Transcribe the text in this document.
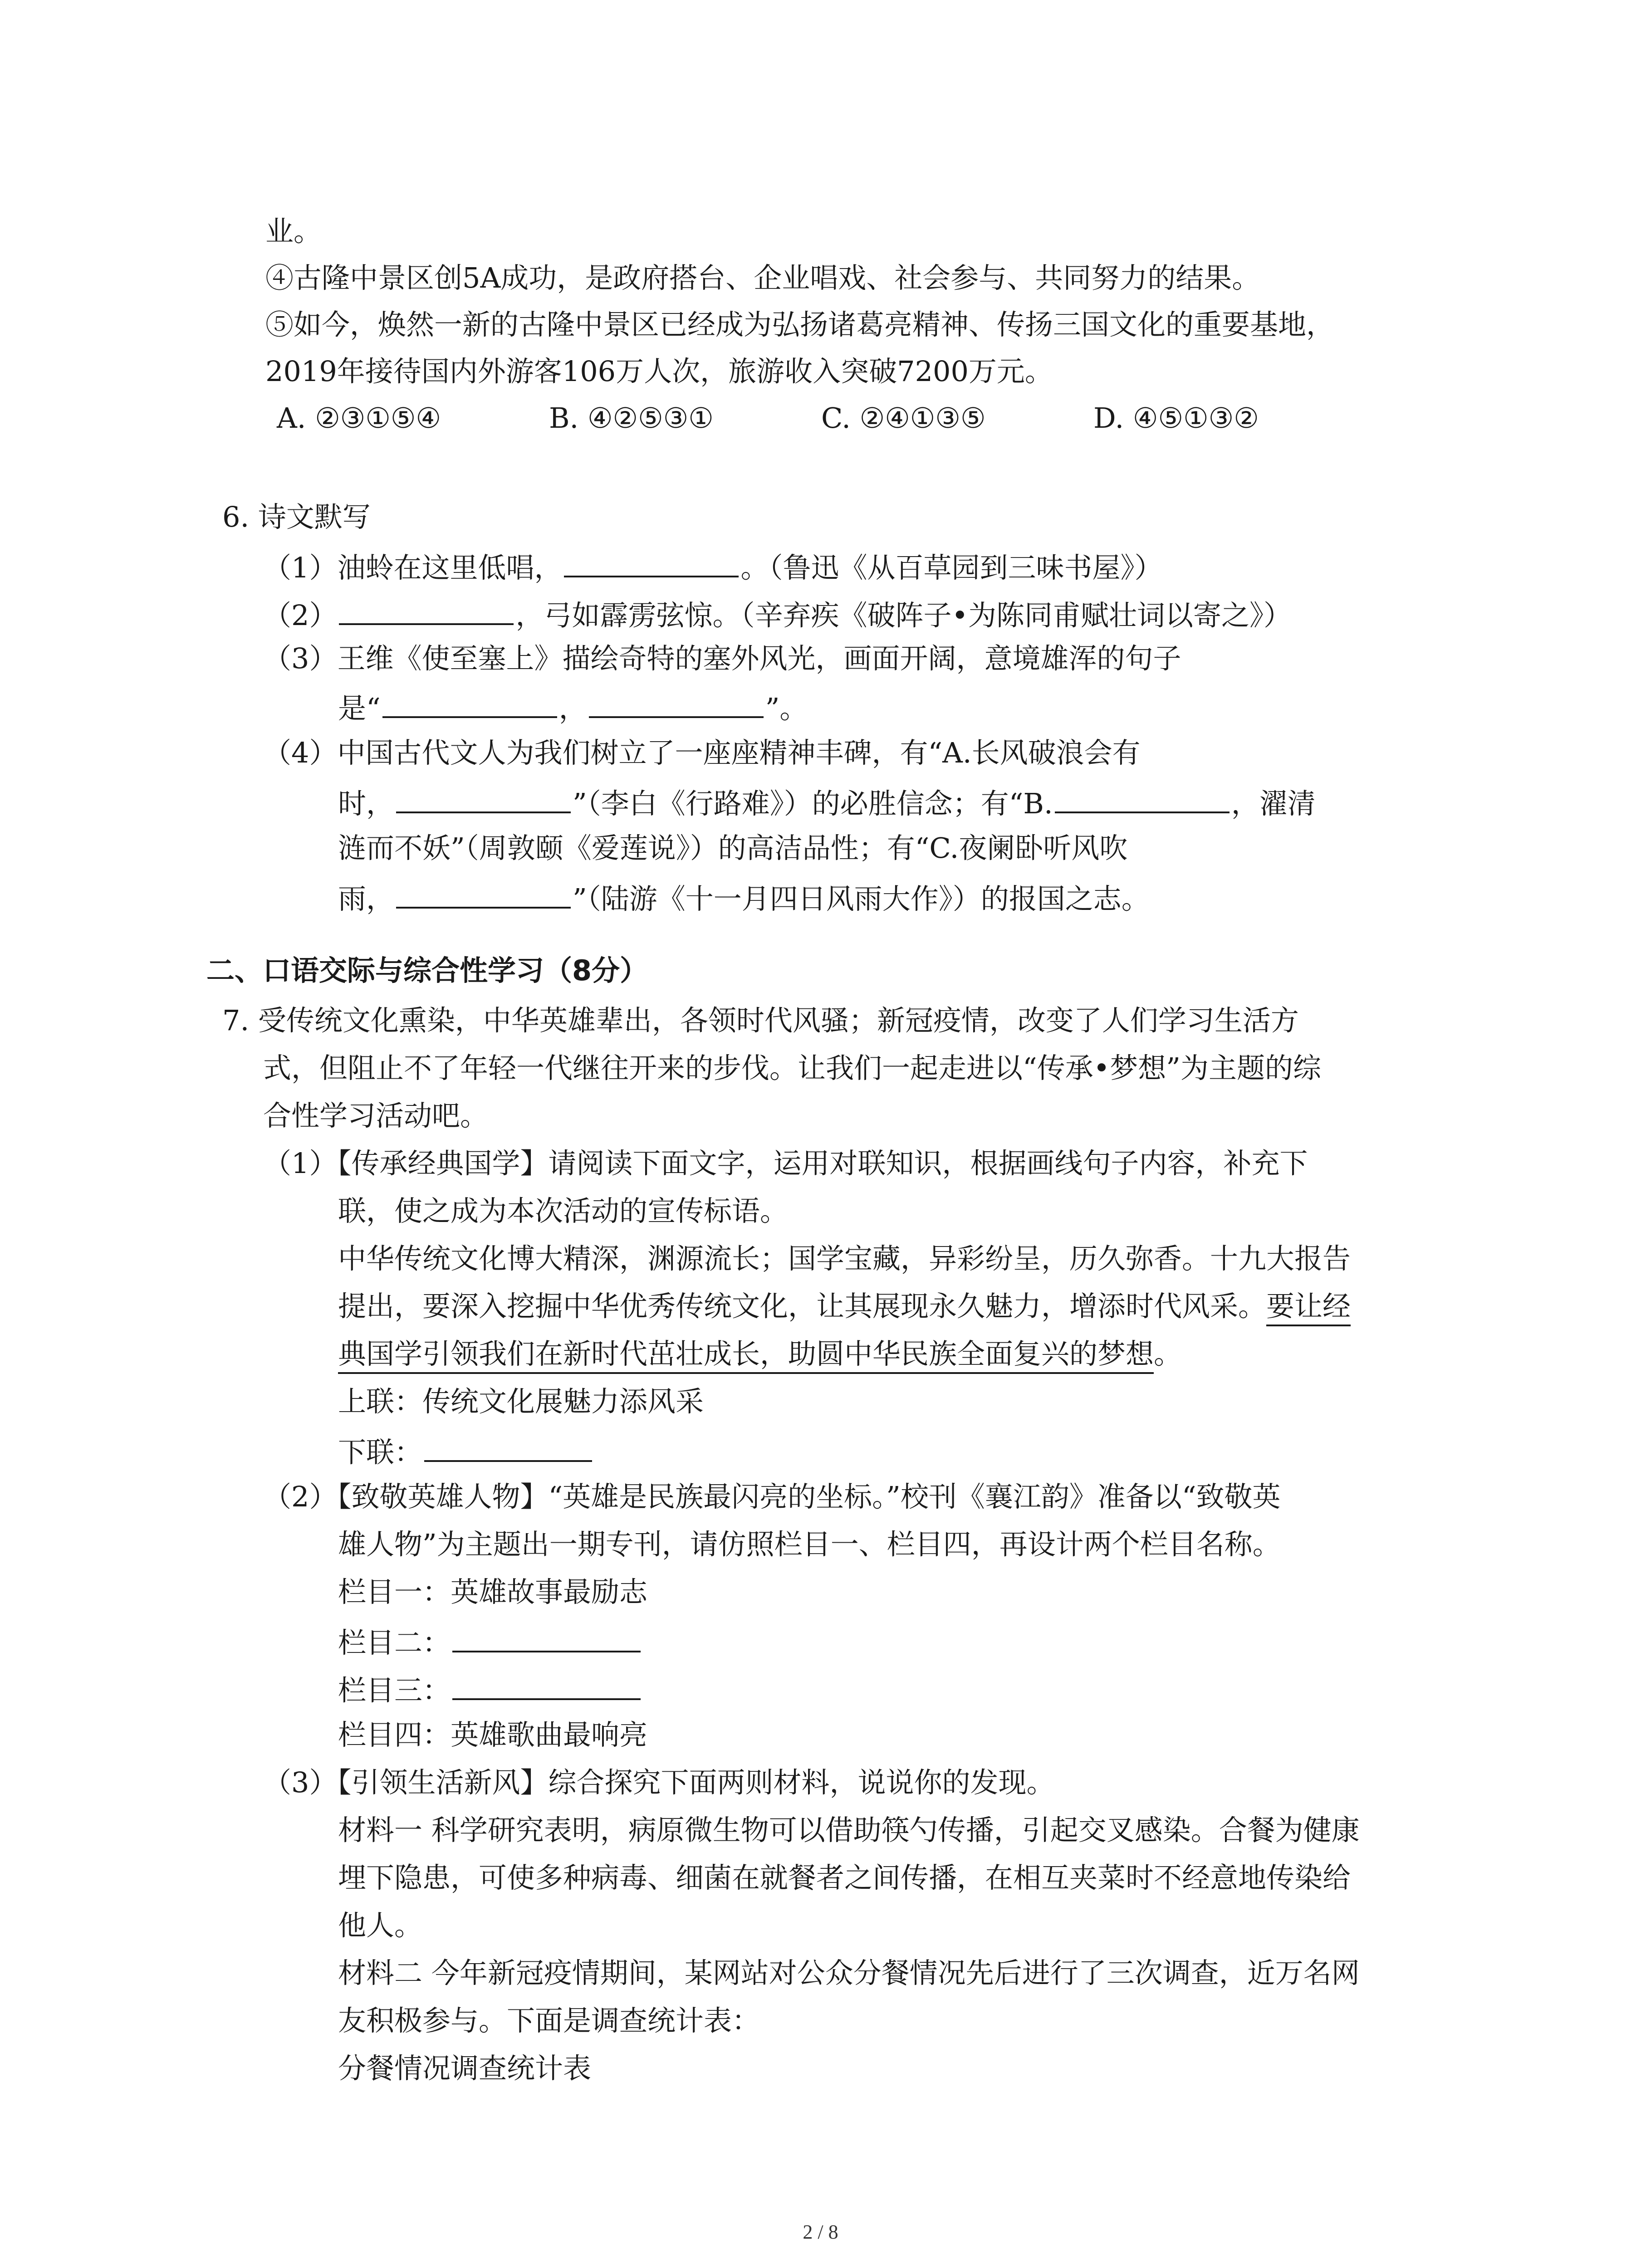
业。
④古隆中景区创5A成功，是政府搭台、企业唱戏、社会参与、共同努力的结果。
⑤如今，焕然一新的古隆中景区已经成为弘扬诸葛亮精神、传扬三国文化的重要基地，
2019年接待国内外游客106万人次，旅游收入突破7200万元。
A. ②③①⑤④	B. ④②⑤③①	C. ②④①③⑤	D. ④⑤①③②
6. 诗文默写
（1）油蛉在这里低唱，	。（鲁迅《从百草园到三味书屋》）
（2）	，弓如霹雳弦惊。（辛弃疾《破阵子•为陈同甫赋壮词以寄之》）
（3）王维《使至塞上》描绘奇特的塞外风光，画面开阔，意境雄浑的句子
是“	，	”。
（4）中国古代文人为我们树立了一座座精神丰碑，有“A.长风破浪会有
时，	”（李白《行路难》）的必胜信念；有“B.	，濯清
涟而不妖”（周敦颐《爱莲说》）的高洁品性；有“C.夜阑卧听风吹
雨，	”（陆游《十一月四日风雨大作》）的报国之志。
二、口语交际与综合性学习（8分）
7. 受传统文化熏染，中华英雄辈出，各领时代风骚；新冠疫情，改变了人们学习生活方
式，但阻止不了年轻一代继往开来的步伐。让我们一起走进以“传承•梦想”为主题的综
合性学习活动吧。
（1）【传承经典国学】请阅读下面文字，运用对联知识，根据画线句子内容，补充下
联，使之成为本次活动的宣传标语。
中华传统文化博大精深，渊源流长；国学宝藏，异彩纷呈，历久弥香。十九大报告
提出，要深入挖掘中华优秀传统文化，让其展现永久魅力，增添时代风采。要让经
典国学引领我们在新时代茁壮成长，助圆中华民族全面复兴的梦想。
上联：传统文化展魅力添风采
下联：
（2）【致敬英雄人物】“英雄是民族最闪亮的坐标。”校刊《襄江韵》准备以“致敬英
雄人物”为主题出一期专刊，请仿照栏目一、栏目四，再设计两个栏目名称。
栏目一：英雄故事最励志
栏目二：
栏目三：
栏目四：英雄歌曲最响亮
（3）【引领生活新风】综合探究下面两则材料，说说你的发现。
材料一 科学研究表明，病原微生物可以借助筷勺传播，引起交叉感染。合餐为健康
埋下隐患，可使多种病毒、细菌在就餐者之间传播，在相互夹菜时不经意地传染给
他人。
材料二 今年新冠疫情期间，某网站对公众分餐情况先后进行了三次调查，近万名网
友积极参与。下面是调查统计表：
分餐情况调查统计表
2 / 8
